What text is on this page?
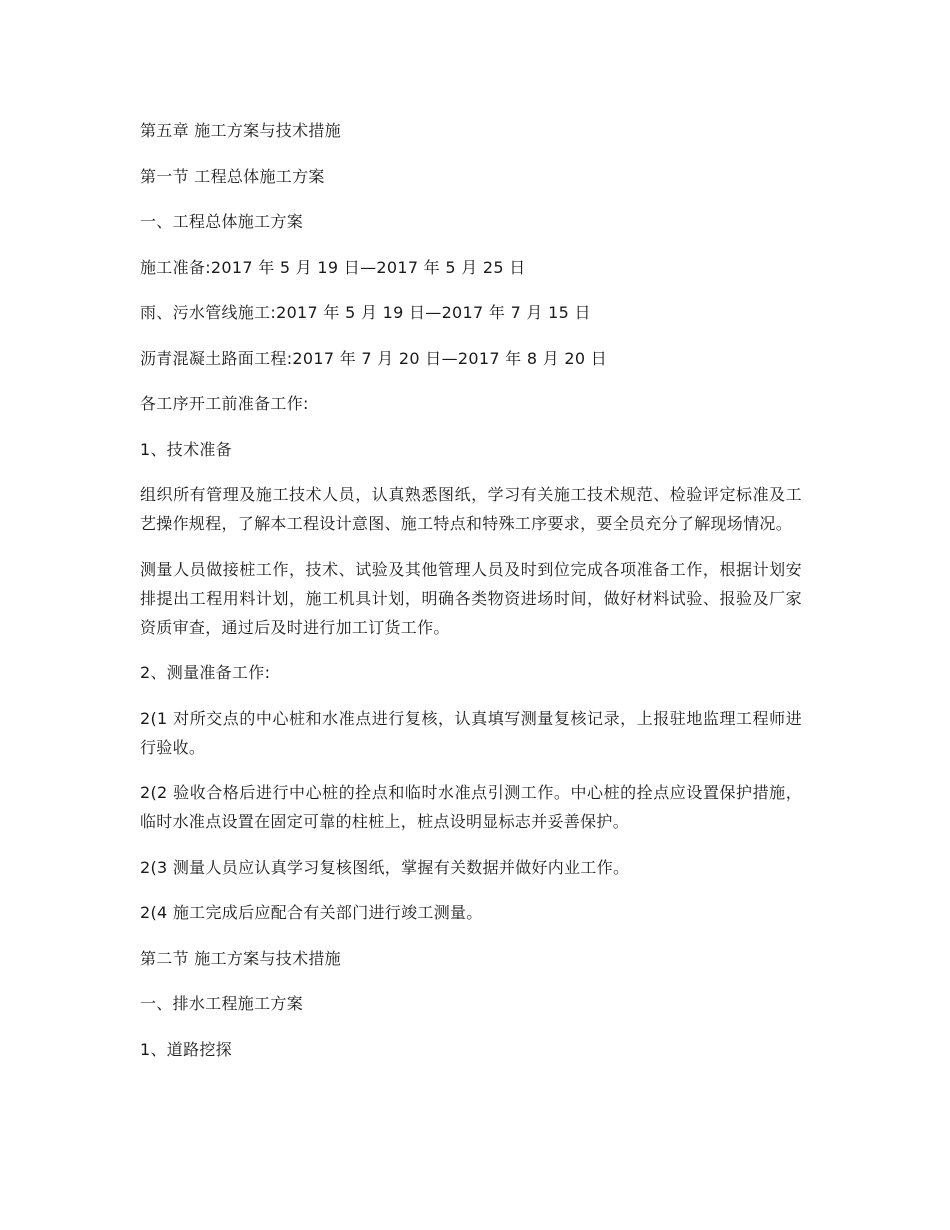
第五章 施工方案与技术措施

第一节 工程总体施工方案

一、工程总体施工方案

施工准备:2017 年 5 月 19 日—2017 年 5 月 25 日

雨、污水管线施工:2017 年 5 月 19 日—2017 年 7 月 15 日

沥青混凝土路面工程:2017 年 7 月 20 日—2017 年 8 月 20 日

各工序开工前准备工作:

1、技术准备

组织所有管理及施工技术人员，认真熟悉图纸，学习有关施工技术规范、检验评定标准及工艺操作规程，了解本工程设计意图、施工特点和特殊工序要求，要全员充分了解现场情况。

测量人员做接桩工作，技术、试验及其他管理人员及时到位完成各项准备工作，根据计划安排提出工程用料计划，施工机具计划，明确各类物资进场时间，做好材料试验、报验及厂家资质审查，通过后及时进行加工订货工作。

2、测量准备工作:

2(1 对所交点的中心桩和水准点进行复核，认真填写测量复核记录，上报驻地监理工程师进行验收。

2(2 验收合格后进行中心桩的拴点和临时水准点引测工作。中心桩的拴点应设置保护措施，临时水准点设置在固定可靠的柱桩上，桩点设明显标志并妥善保护。

2(3 测量人员应认真学习复核图纸，掌握有关数据并做好内业工作。

2(4 施工完成后应配合有关部门进行竣工测量。

第二节 施工方案与技术措施

一、排水工程施工方案

1、道路挖探
